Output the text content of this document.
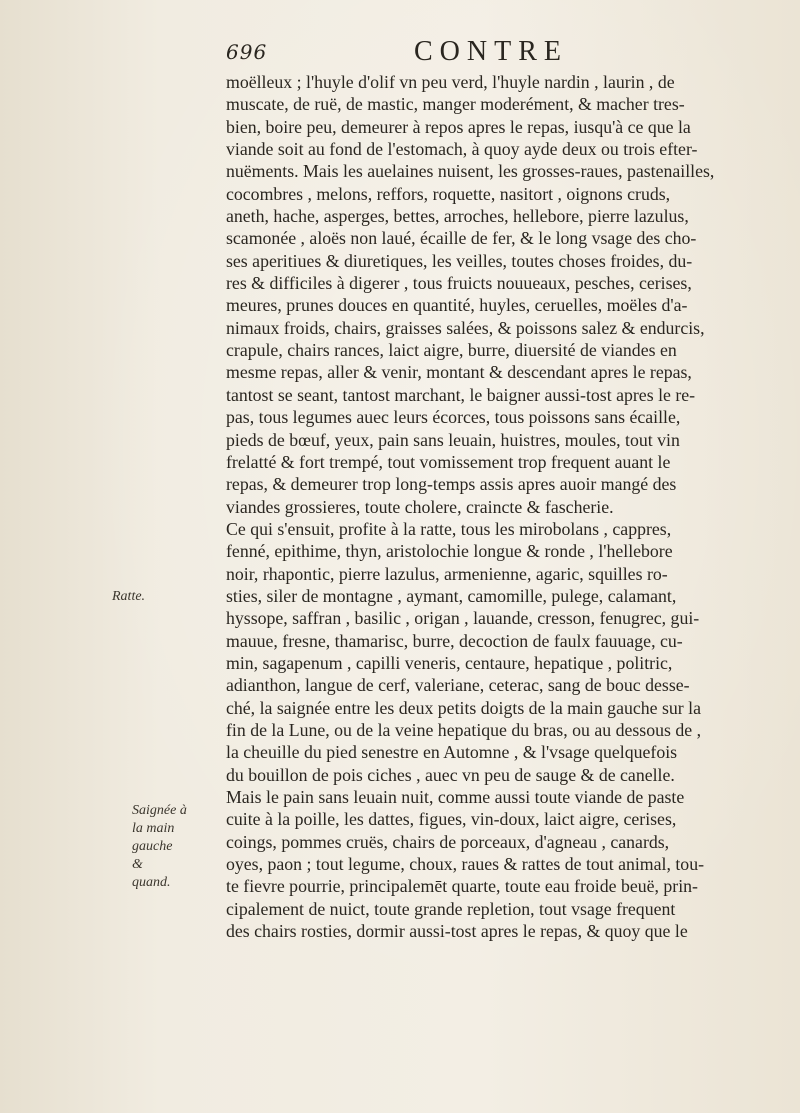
696	CONTRE
Ratte.
Saignée à
la main
gauche
&
quand.
moëlleux ; l'huyle d'olif vn peu verd, l'huyle nardin , laurin , de
muscate, de ruë, de mastic, manger moderément, & macher tres-
bien, boire peu, demeurer à repos apres le repas, iusqu'à ce que la
viande soit au fond de l'estomach, à quoy ayde deux ou trois efter-
nuëments. Mais les auelaines nuisent, les grosses-raues, pastenailles,
cocombres , melons, reffors, roquette, nasitort , oignons cruds,
aneth, hache, asperges, bettes, arroches, hellebore, pierre lazulus,
scamonée , aloës non laué, écaille de fer, & le long vsage des cho-
ses aperitiues & diuretiques, les veilles, toutes choses froides, du-
res & difficiles à digerer , tous fruicts nouueaux, pesches, cerises,
meures, prunes douces en quantité, huyles, ceruelles, moëles d'a-
nimaux froids, chairs, graisses salées, & poissons salez & endurcis,
crapule, chairs rances, laict aigre, burre, diuersité de viandes en
mesme repas, aller & venir, montant & descendant apres le repas,
tantost se seant, tantost marchant, le baigner aussi-tost apres le re-
pas, tous legumes auec leurs écorces, tous poissons sans écaille,
pieds de bœuf, yeux, pain sans leuain, huistres, moules, tout vin
frelatté & fort trempé, tout vomissement trop frequent auant le
repas, & demeurer trop long-temps assis apres auoir mangé des
viandes grossieres, toute cholere, craincte & fascherie.
Ce qui s'ensuit, profite à la ratte, tous les mirobolans , cappres,
fenné, epithime, thyn, aristolochie longue & ronde , l'hellebore
noir, rhapontic, pierre lazulus, armenienne, agaric, squilles ro-
sties, siler de montagne , aymant, camomille, pulege, calamant,
hyssope, saffran , basilic , origan , lauande, cresson, fenugrec, gui-
mauue, fresne, thamarisc, burre, decoction de faulx fauuage, cu-
min, sagapenum , capilli veneris, centaure, hepatique , politric,
adianthon, langue de cerf, valeriane, ceterac, sang de bouc desse-
ché, la saignée entre les deux petits doigts de la main gauche sur la
fin de la Lune, ou de la veine hepatique du bras, ou au dessous de ,
la cheuille du pied senestre en Automne , & l'vsage quelquefois
du bouillon de pois ciches , auec vn peu de sauge & de canelle.
Mais le pain sans leuain nuit, comme aussi toute viande de paste
cuite à la poille, les dattes, figues, vin-doux, laict aigre, cerises,
coings, pommes cruës, chairs de porceaux, d'agneau , canards,
oyes, paon ; tout legume, choux, raues & rattes de tout animal, tou-
te fievre pourrie, principalemēt quarte, toute eau froide beuë, prin-
cipalement de nuict, toute grande repletion, tout vsage frequent
des chairs rosties, dormir aussi-tost apres le repas, & quoy que le
